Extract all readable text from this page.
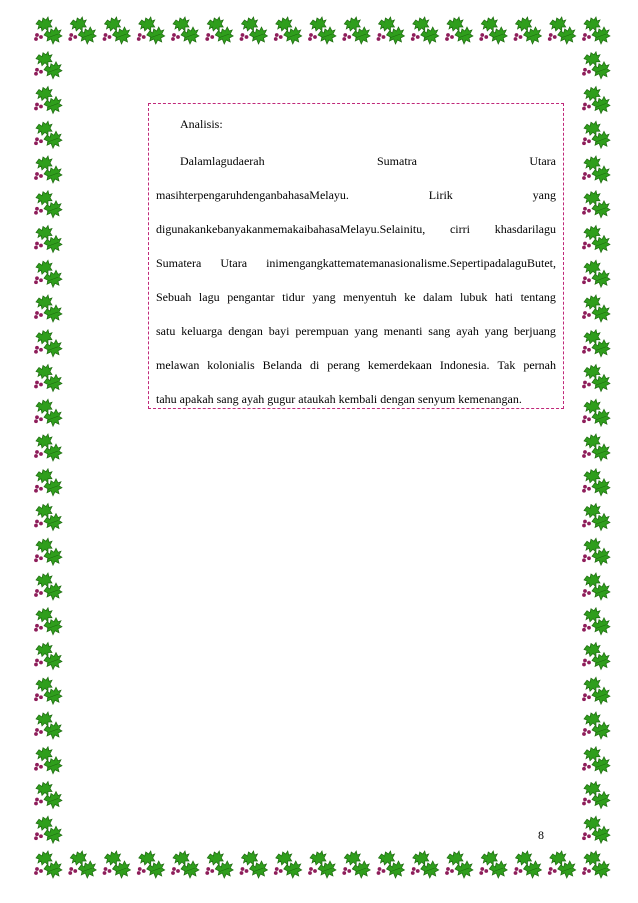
Analisis:
Dalamlagudaerah	Sumatra	Utara
masihterpengaruhdenganbahasaMelayu.	Lirik	yang
digunakankebanyakanmemakaibahasaMelayu.Selainitu, cirri khasdarilagu
Sumatera Utara inimengangkattematemanasionalisme.SepertipadalaguButet,
Sebuah lagu pengantar tidur yang menyentuh ke dalam lubuk hati tentang
satu keluarga dengan bayi perempuan yang menanti sang ayah yang berjuang
melawan kolonialis Belanda di perang kemerdekaan Indonesia. Tak pernah
tahu apakah sang ayah gugur ataukah kembali dengan senyum kemenangan.
8
